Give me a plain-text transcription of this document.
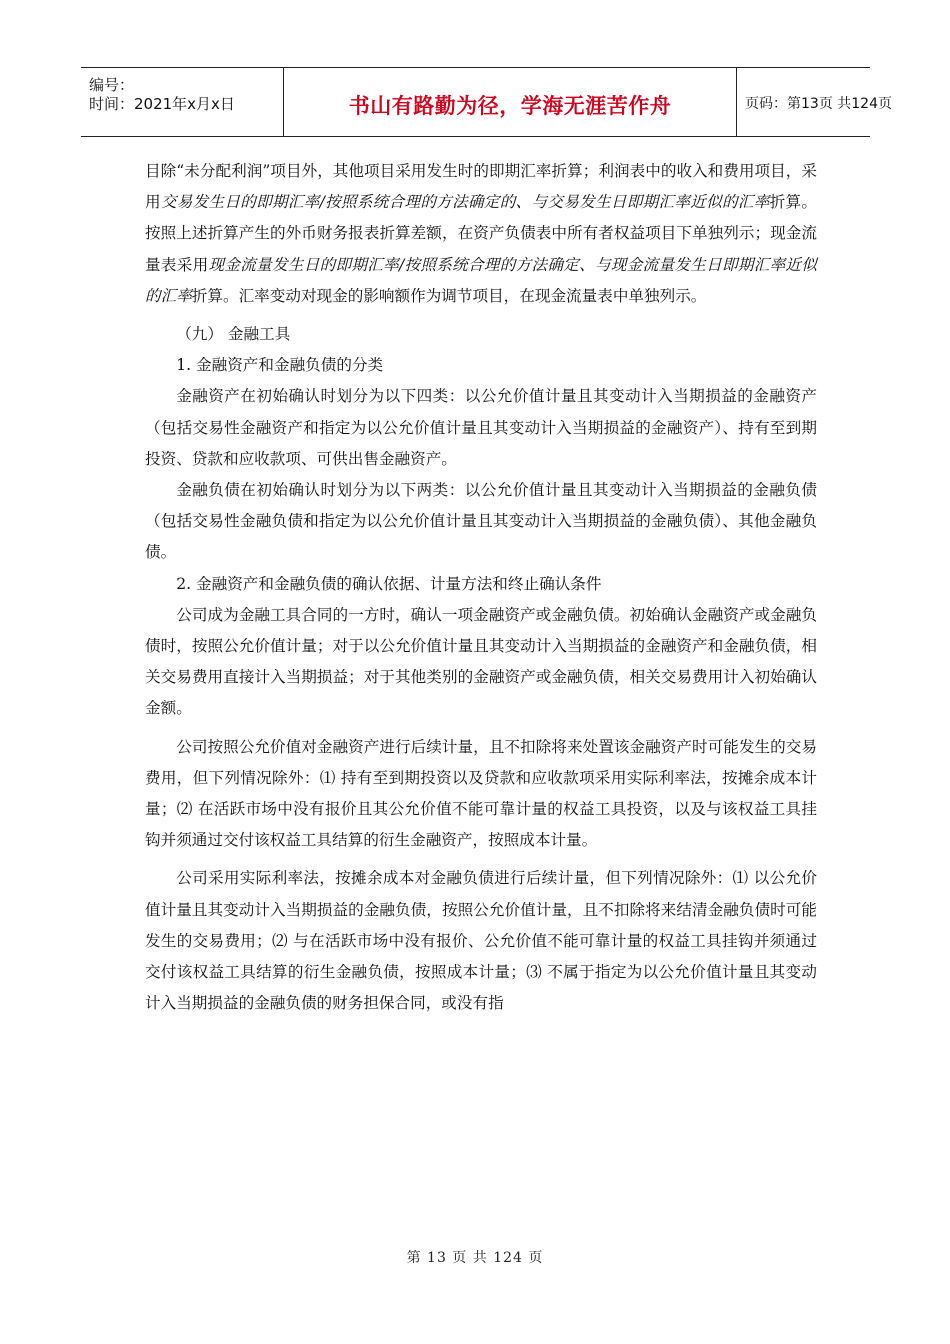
编号：
时间：2021年x月x日	书山有路勤为径，学海无涯苦作舟	页码：第13页 共124页

目除“未分配利润”项目外，其他项目采用发生时的即期汇率折算；利润表中的收入和费用项目，采用交易发生日的即期汇率/按照系统合理的方法确定的、与交易发生日即期汇率近似的汇率折算。按照上述折算产生的外币财务报表折算差额，在资产负债表中所有者权益项目下单独列示；现金流量表采用现金流量发生日的即期汇率/按照系统合理的方法确定、与现金流量发生日即期汇率近似的汇率折算。汇率变动对现金的影响额作为调节项目，在现金流量表中单独列示。

（九） 金融工具

1. 金融资产和金融负债的分类

金融资产在初始确认时划分为以下四类：以公允价值计量且其变动计入当期损益的金融资产（包括交易性金融资产和指定为以公允价值计量且其变动计入当期损益的金融资产）、持有至到期投资、贷款和应收款项、可供出售金融资产。

金融负债在初始确认时划分为以下两类：以公允价值计量且其变动计入当期损益的金融负债（包括交易性金融负债和指定为以公允价值计量且其变动计入当期损益的金融负债）、其他金融负债。

2. 金融资产和金融负债的确认依据、计量方法和终止确认条件

公司成为金融工具合同的一方时，确认一项金融资产或金融负债。初始确认金融资产或金融负债时，按照公允价值计量；对于以公允价值计量且其变动计入当期损益的金融资产和金融负债，相关交易费用直接计入当期损益；对于其他类别的金融资产或金融负债，相关交易费用计入初始确认金额。

公司按照公允价值对金融资产进行后续计量，且不扣除将来处置该金融资产时可能发生的交易费用，但下列情况除外：⑴ 持有至到期投资以及贷款和应收款项采用实际利率法，按摊余成本计量；⑵ 在活跃市场中没有报价且其公允价值不能可靠计量的权益工具投资，以及与该权益工具挂钩并须通过交付该权益工具结算的衍生金融资产，按照成本计量。

公司采用实际利率法，按摊余成本对金融负债进行后续计量，但下列情况除外：⑴ 以公允价值计量且其变动计入当期损益的金融负债，按照公允价值计量，且不扣除将来结清金融负债时可能发生的交易费用；⑵ 与在活跃市场中没有报价、公允价值不能可靠计量的权益工具挂钩并须通过交付该权益工具结算的衍生金融负债，按照成本计量；⑶ 不属于指定为以公允价值计量且其变动计入当期损益的金融负债的财务担保合同，或没有指

第 13 页 共 124 页
